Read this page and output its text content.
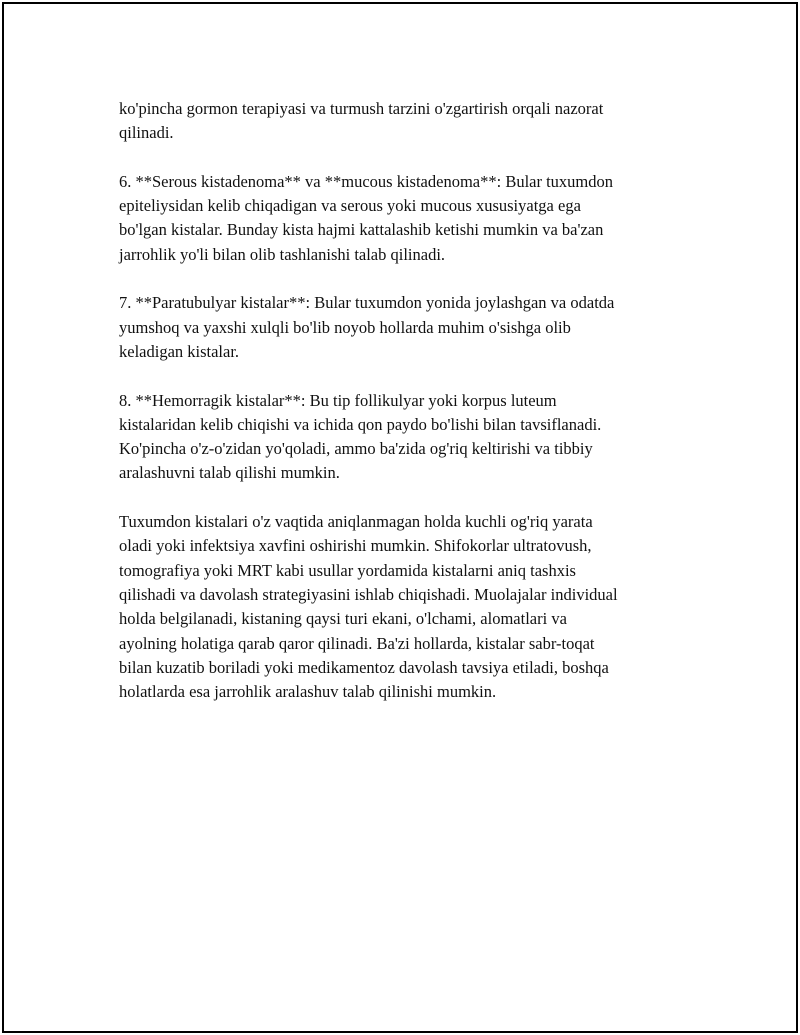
ko'pincha gormon terapiyasi va turmush tarzini o'zgartirish orqali nazorat
qilinadi.

6. **Serous kistadenoma** va **mucous kistadenoma**: Bular tuxumdon
epiteliysidan kelib chiqadigan va serous yoki mucous xususiyatga ega
bo'lgan kistalar. Bunday kista hajmi kattalashib ketishi mumkin va ba'zan
jarrohlik yo'li bilan olib tashlanishi talab qilinadi.

7. **Paratubulyar kistalar**: Bular tuxumdon yonida joylashgan va odatda
yumshoq va yaxshi xulqli bo'lib noyob hollarda muhim o'sishga olib
keladigan kistalar.

8. **Hemorragik kistalar**: Bu tip follikulyar yoki korpus luteum
kistalaridan kelib chiqishi va ichida qon paydo bo'lishi bilan tavsiflanadi.
Ko'pincha o'z-o'zidan yo'qoladi, ammo ba'zida og'riq keltirishi va tibbiy
aralashuvni talab qilishi mumkin.

Tuxumdon kistalari o'z vaqtida aniqlanmagan holda kuchli og'riq yarata
oladi yoki infektsiya xavfini oshirishi mumkin. Shifokorlar ultratovush,
tomografiya yoki MRT kabi usullar yordamida kistalarni aniq tashxis
qilishadi va davolash strategiyasini ishlab chiqishadi. Muolajalar individual
holda belgilanadi, kistaning qaysi turi ekani, o'lchami, alomatlari va
ayolning holatiga qarab qaror qilinadi. Ba'zi hollarda, kistalar sabr-toqat
bilan kuzatib boriladi yoki medikamentoz davolash tavsiya etiladi, boshqa
holatlarda esa jarrohlik aralashuv talab qilinishi mumkin.
